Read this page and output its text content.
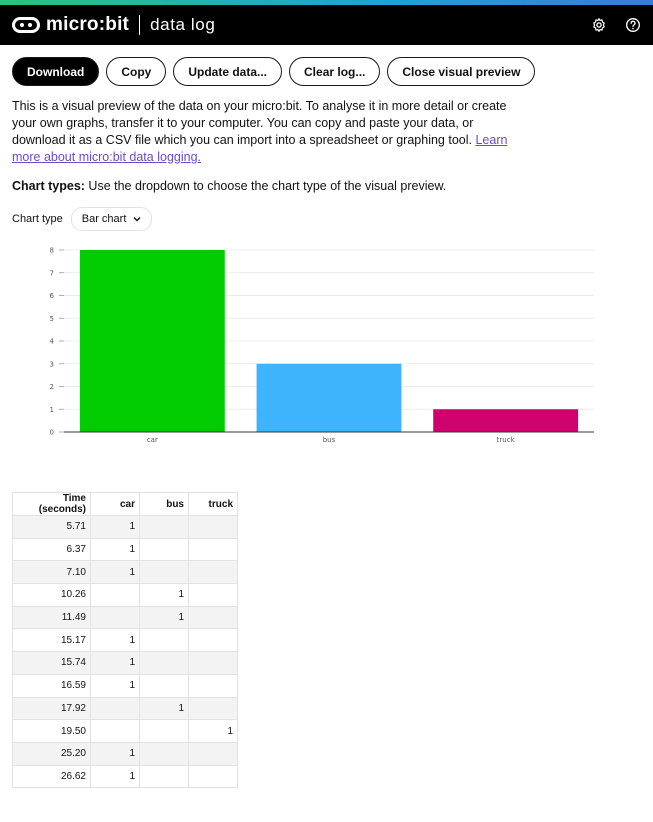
micro:bit data log
Download	Copy	Update data...	Clear log...	Close visual preview

This is a visual preview of the data on your micro:bit. To analyse it in more detail or create your own graphs, transfer it to your computer. You can copy and paste your data, or download it as a CSV file which you can import into a spreadsheet or graphing tool. Learn more about micro:bit data logging.

Chart types: Use the dropdown to choose the chart type of the visual preview.
Chart type Bar chart
0
1
2
3
4
5
6
7
8
car	bus	truck
Time (seconds)	car	bus	truck
5.71	1		
6.37	1		
7.10	1		
10.26		1	
11.49		1	
15.17	1		
15.74	1		
16.59	1		
17.92		1	
19.50			1
25.20	1		
26.62	1		
